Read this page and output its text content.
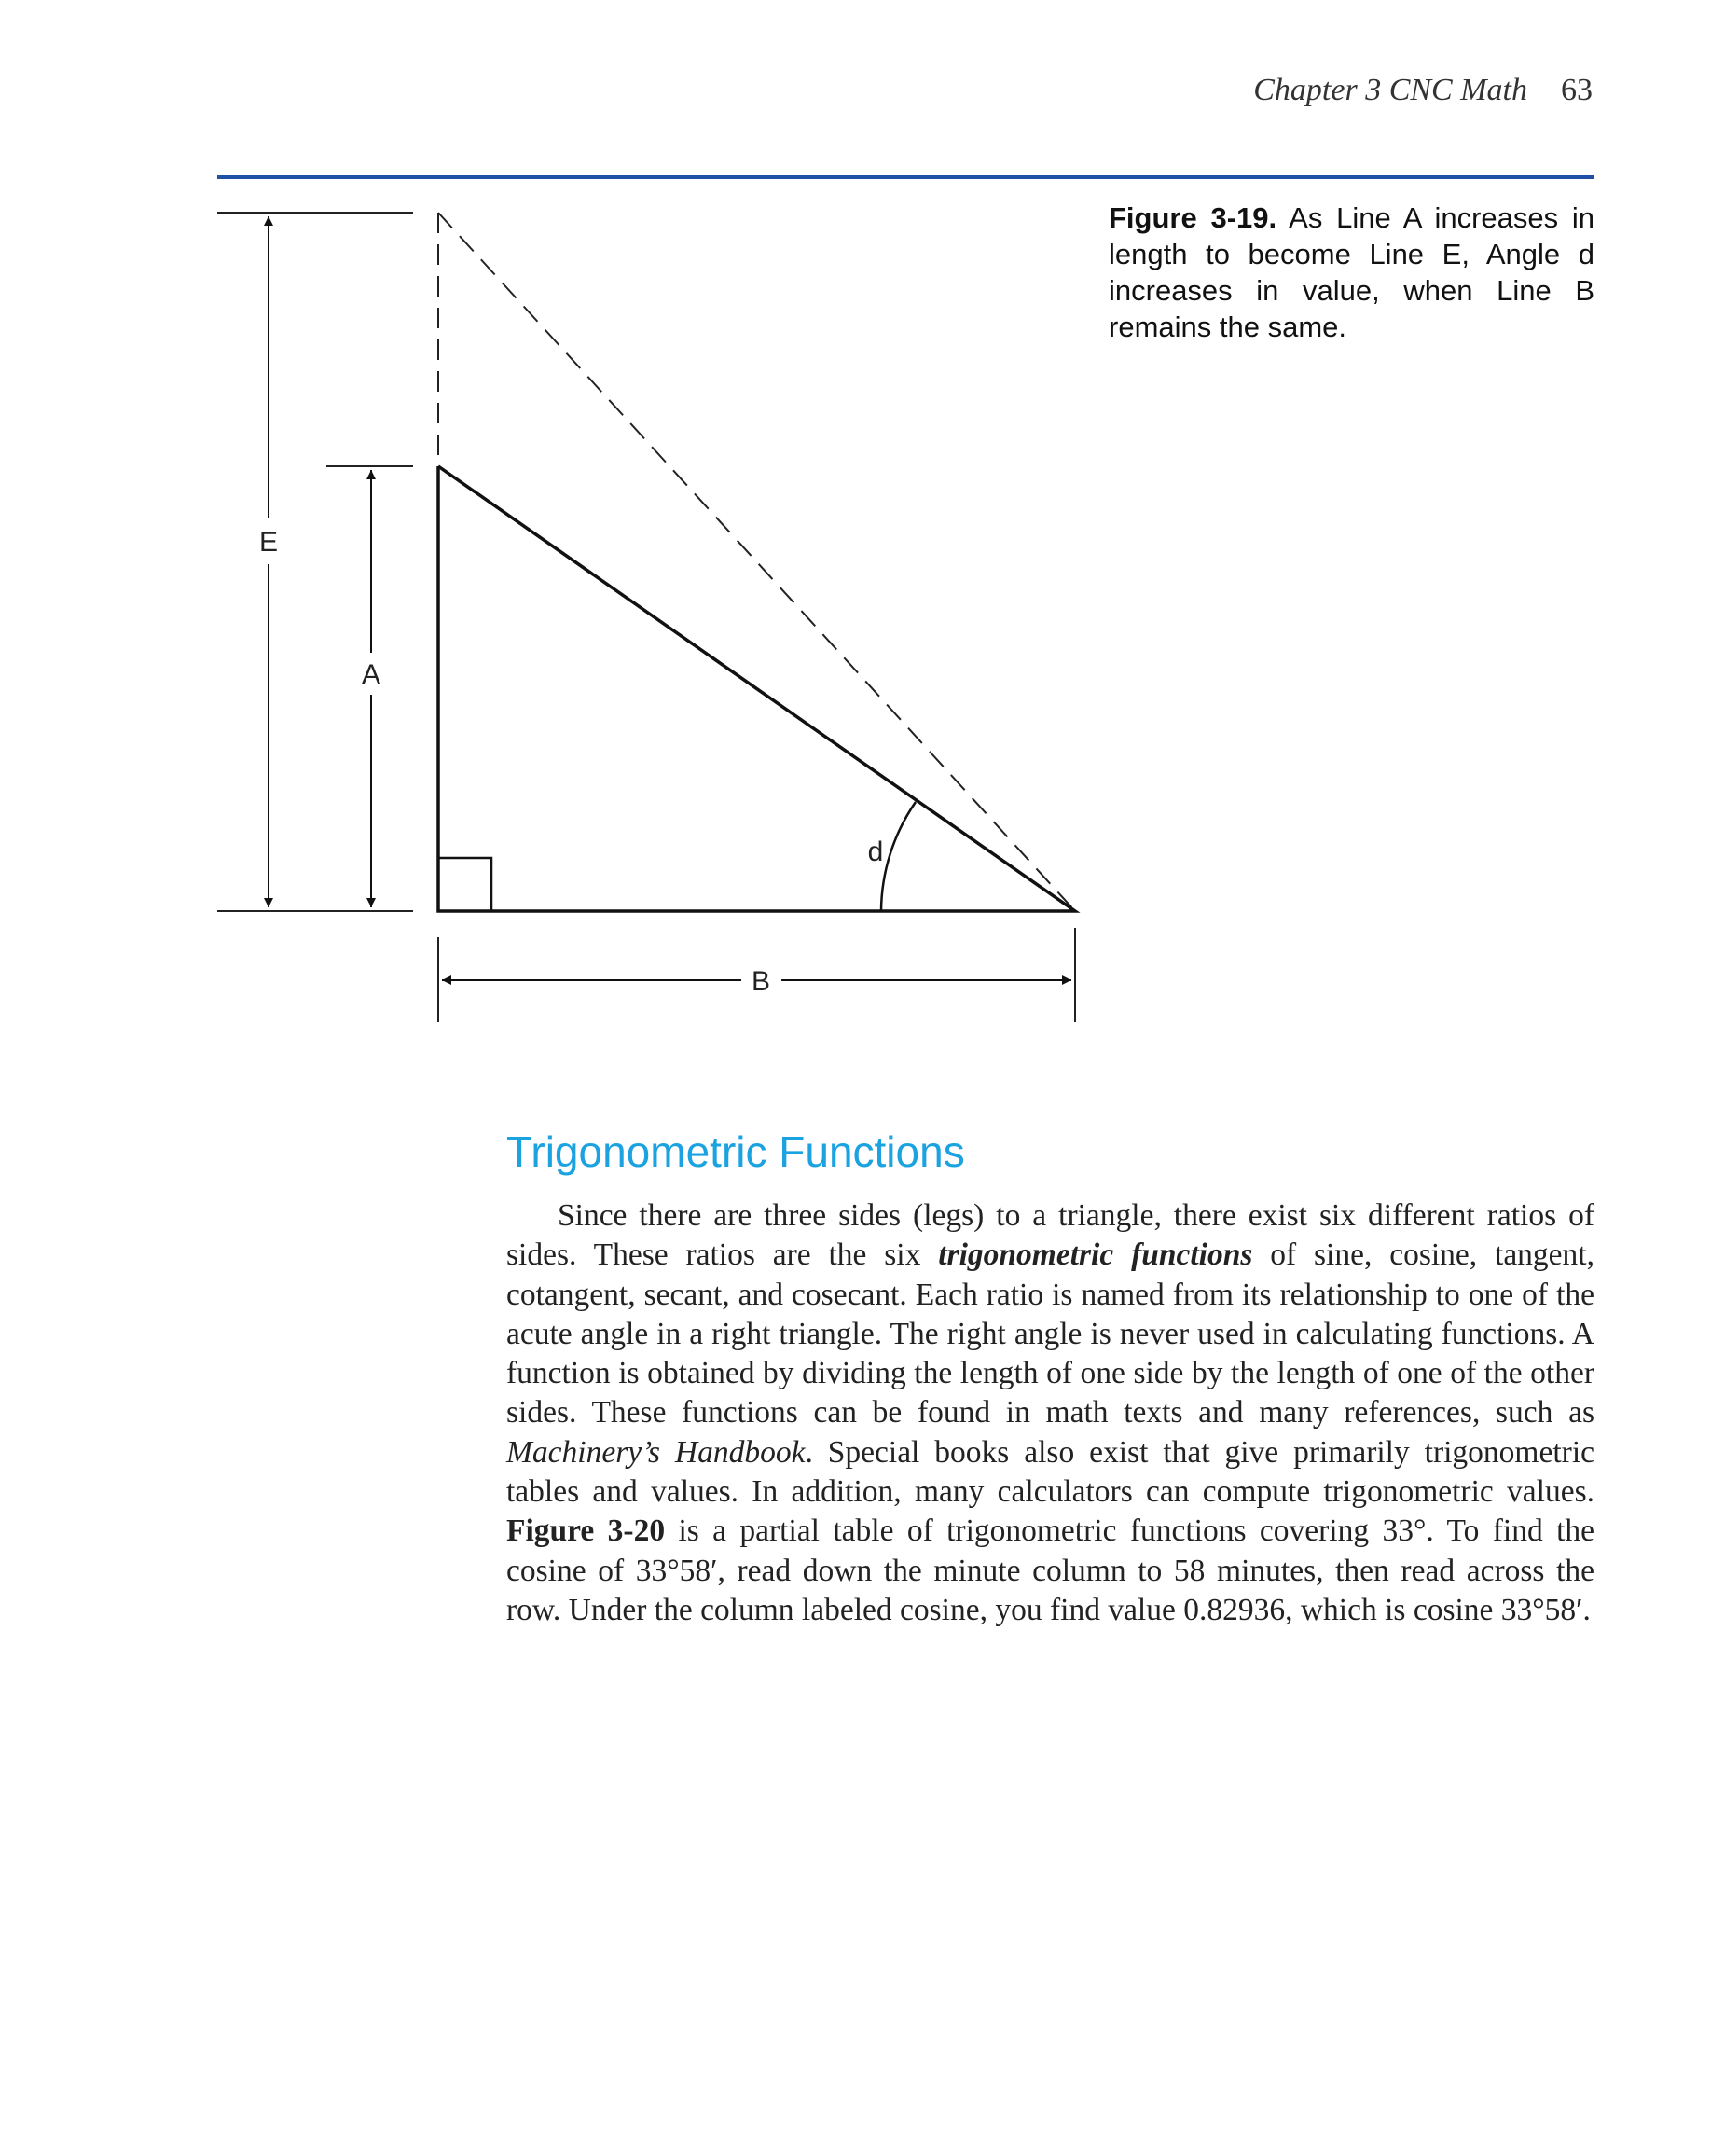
Chapter 3 CNC Math 63
Figure 3-19. As Line A increases in length to become Line E, Angle d increases in value, when Line B remains the same.
E
A
B
d
Trigonometric Functions

Since there are three sides (legs) to a triangle, there exist six different ratios of sides. These ratios are the six trigonometric functions of sine, cosine, tangent, cotangent, secant, and cosecant. Each ratio is named from its relationship to one of the acute angle in a right triangle. The right angle is never used in calculating functions. A function is obtained by dividing the length of one side by the length of one of the other sides. These functions can be found in math texts and many references, such as Machinery’s Handbook. Special books also exist that give primarily trigonometric tables and values. In addition, many calculators can compute trigonometric values. Figure 3-20 is a partial table of trigonometric functions covering 33°. To find the cosine of 33°58′, read down the minute column to 58 minutes, then read across the row. Under the column labeled cosine, you find value 0.82936, which is cosine 33°58′.
